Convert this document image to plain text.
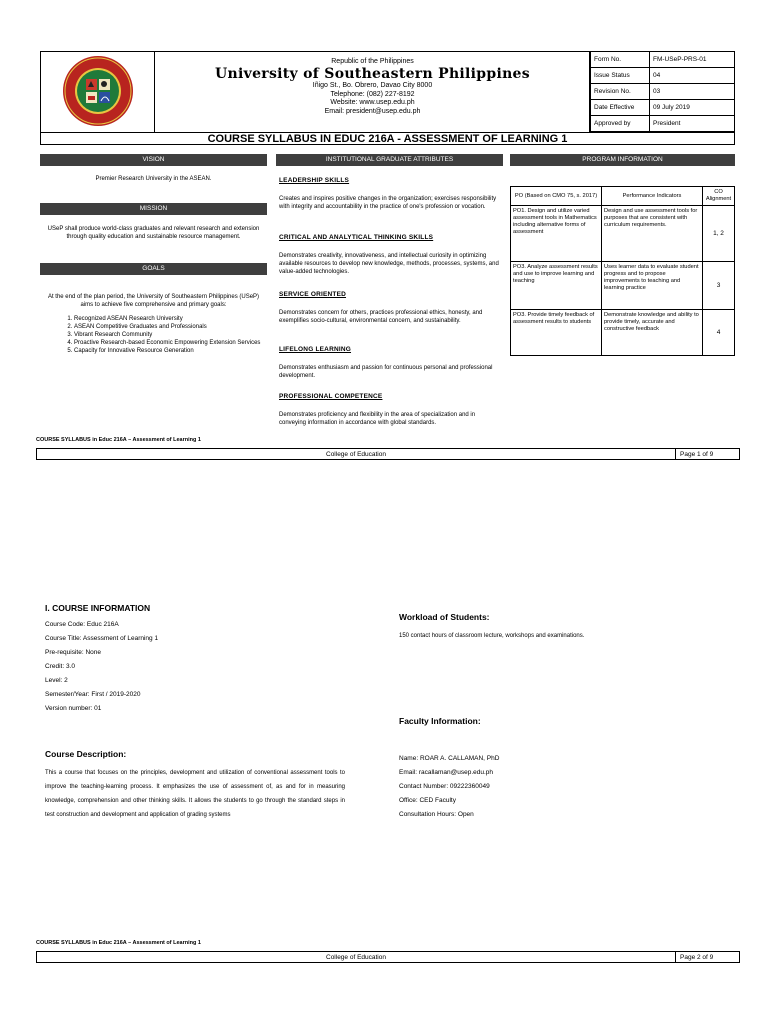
Republic of the Philippines
University of Southeastern Philippines
Iñigo St., Bo. Obrero, Davao City 8000
Telephone: (082) 227-8192
Website: www.usep.edu.ph
Email: president@usep.edu.ph
Form No.	FM-USeP-PRS-01
Issue Status	04
Revision No.	03
Date Effective	09 July 2019
Approved by	President
COURSE SYLLABUS IN EDUC 216A - ASSESSMENT OF LEARNING 1
VISION
Premier Research University in the ASEAN.
MISSION
USeP shall produce world-class graduates and relevant research and extension through quality education and sustainable resource management.
GOALS
At the end of the plan period, the University of Southeastern Philippines (USeP) aims to achieve five comprehensive and primary goals:
1. Recognized ASEAN Research University
2. ASEAN Competitive Graduates and Professionals
3. Vibrant Research Community
4. Proactive Research-based Economic Empowering Extension Services
5. Capacity for Innovative Resource Generation
INSTITUTIONAL GRADUATE ATTRIBUTES
LEADERSHIP SKILLS
Creates and inspires positive changes in the organization; exercises responsibility with integrity and accountability in the practice of one's profession or vocation.
CRITICAL AND ANALYTICAL THINKING SKILLS
Demonstrates creativity, innovativeness, and intellectual curiosity in optimizing available resources to develop new knowledge, methods, processes, systems, and value-added technologies.
SERVICE ORIENTED
Demonstrates concern for others, practices professional ethics, honesty, and exemplifies socio-cultural, environmental concern, and sustainability.
LIFELONG LEARNING
Demonstrates enthusiasm and passion for continuous personal and professional development.
PROFESSIONAL COMPETENCE
Demonstrates proficiency and flexibility in the area of specialization and in conveying information in accordance with global standards.
PROGRAM INFORMATION
PO (Based on CMO 75, s. 2017)	Performance Indicators	CO Alignment
PO1. Design and utilize varied assessment tools in Mathematics including alternative forms of assessment	Design and use assessment tools for purposes that are consistent with curriculum requirements.	1, 2
PO3. Analyze assessment results and use to improve learning and teaching	Uses learner data to evaluate student progress and to propose improvements to teaching and learning practice	3
PO3. Provide timely feedback of assessment results to students	Demonstrate knowledge and ability to provide timely, accurate and constructive feedback	4
COURSE SYLLABUS in Educ 216A – Assessment of Learning 1
College of Education	Page 1 of 9
I. COURSE INFORMATION
Course Code: Educ 216A
Course Title: Assessment of Learning 1
Pre-requisite: None
Credit: 3.0
Level: 2
Semester/Year: First / 2019-2020
Version number: 01
Course Description:
This a course that focuses on the principles, development and utilization of conventional assessment tools to improve the teaching-learning process. It emphasizes the use of assessment of, as and for in measuring knowledge, comprehension and other thinking skills. It allows the students to go through the standard steps in test construction and development and application of grading systems
Workload of Students:
150 contact hours of classroom lecture, workshops and examinations.
Faculty Information:
Name: ROAR A. CALLAMAN, PhD
Email: racallaman@usep.edu.ph
Contact Number: 09222360049
Office: CED Faculty
Consultation Hours: Open
COURSE SYLLABUS in Educ 216A – Assessment of Learning 1
College of Education	Page 2 of 9
